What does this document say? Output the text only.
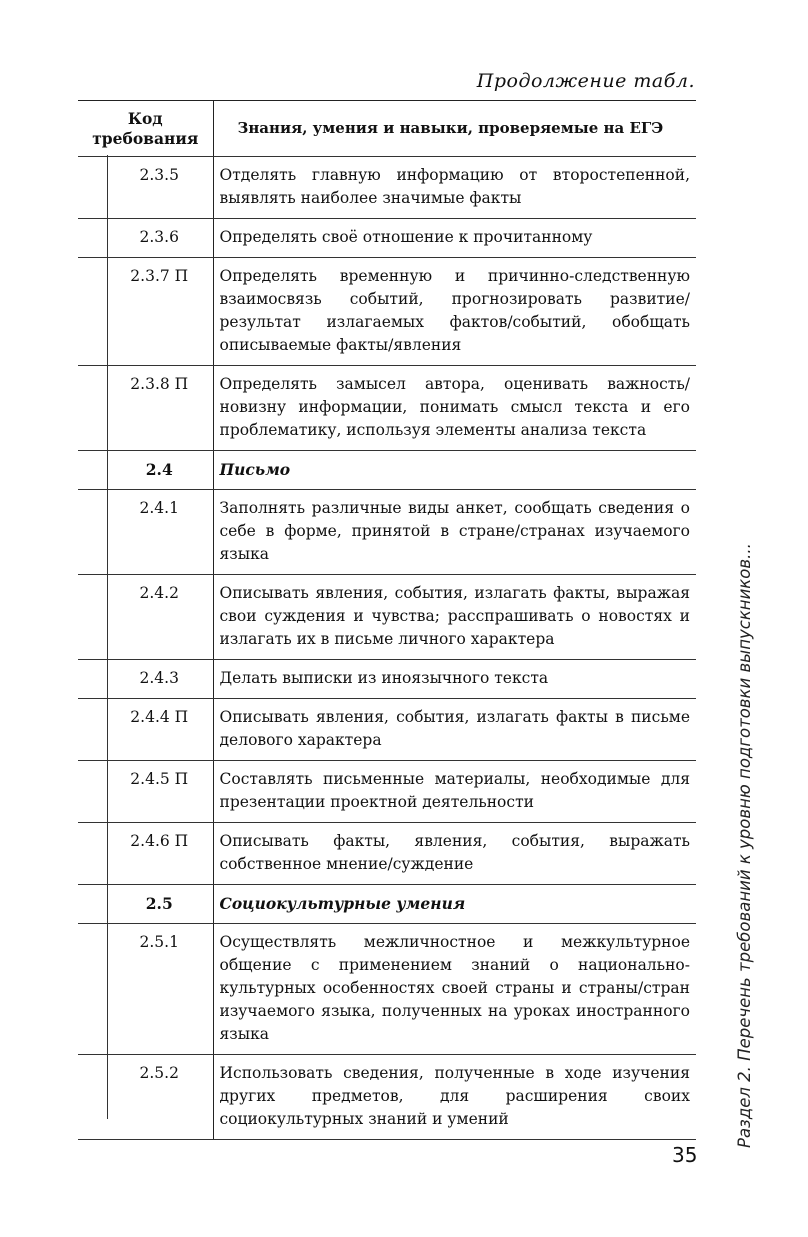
Продолжение табл.
Код требования	Знания, умения и навыки, проверяемые на ЕГЭ
2.3.5	Отделять главную информацию от второстепенной, выявлять наиболее значимые факты
2.3.6	Определять своё отношение к прочитанному
2.3.7 П	Определять временную и причинно-следственную взаимосвязь событий, прогнозировать развитие/результат излагаемых фактов/событий, обобщать описываемые факты/явления
2.3.8 П	Определять замысел автора, оценивать важность/новизну информации, понимать смысл текста и его проблематику, используя элементы анализа текста
2.4	Письмо
2.4.1	Заполнять различные виды анкет, сообщать сведения о себе в форме, принятой в стране/странах изучаемого языка
2.4.2	Описывать явления, события, излагать факты, выражая свои суждения и чувства; расспрашивать о новостях и излагать их в письме личного характера
2.4.3	Делать выписки из иноязычного текста
2.4.4 П	Описывать явления, события, излагать факты в письме делового характера
2.4.5 П	Составлять письменные материалы, необходимые для презентации проектной деятельности
2.4.6 П	Описывать факты, явления, события, выражать собственное мнение/суждение
2.5	Социокультурные умения
2.5.1	Осуществлять межличностное и межкультурное общение с применением знаний о национально-культурных особенностях своей страны и страны/стран изучаемого языка, полученных на уроках иностранного языка
2.5.2	Использовать сведения, полученные в ходе изучения других предметов, для расширения своих социокультурных знаний и умений
35
Раздел 2. Перечень требований к уровню подготовки выпускников...
